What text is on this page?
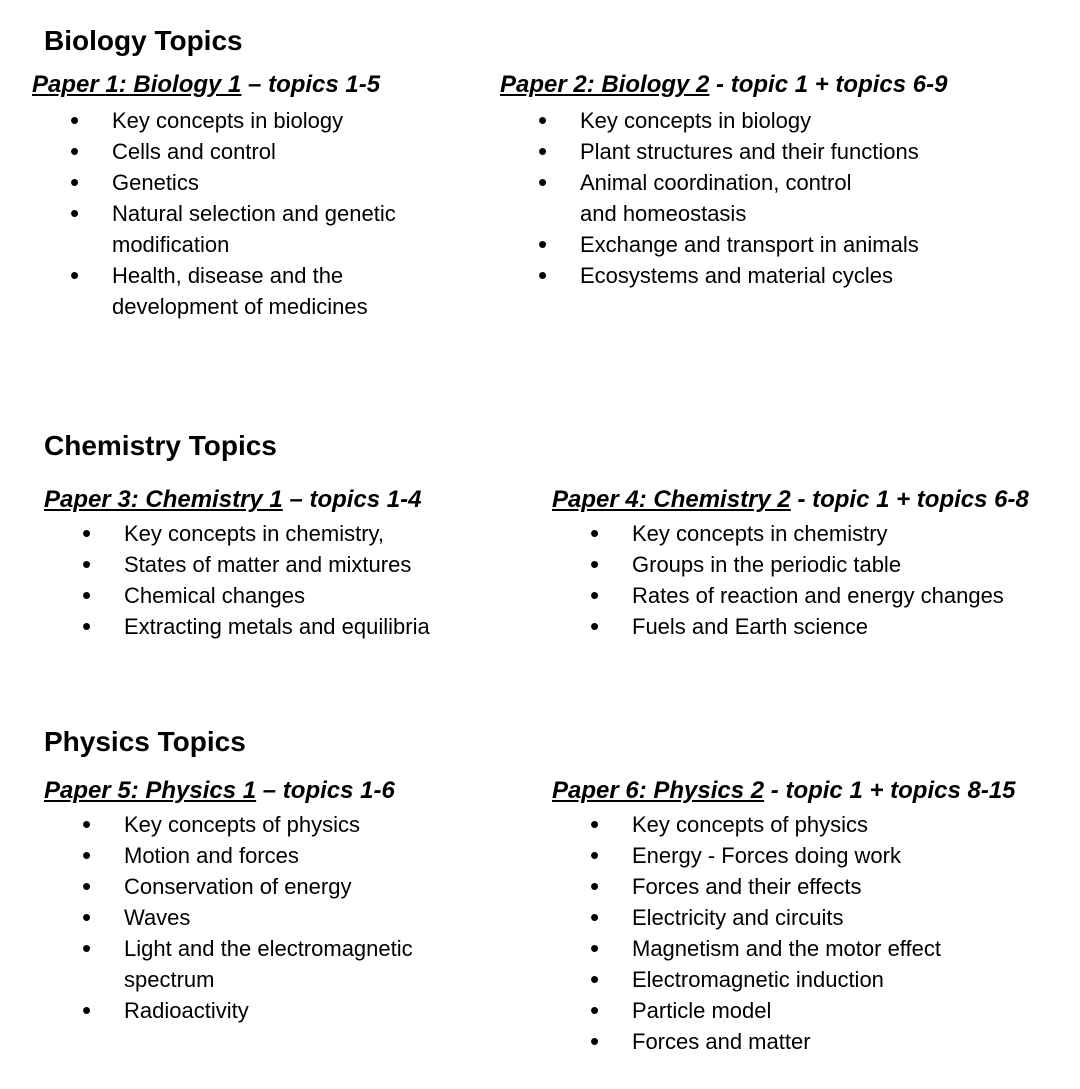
Biology Topics

Paper 1: Biology 1 – topics 1-5

• Key concepts in biology
• Cells and control
• Genetics
• Natural selection and genetic modification
• Health, disease and the development of medicines

Paper 2: Biology 2 - topic 1 + topics 6-9

• Key concepts in biology
• Plant structures and their functions
• Animal coordination, control and homeostasis
• Exchange and transport in animals
• Ecosystems and material cycles
Chemistry Topics

Paper 3: Chemistry 1 – topics 1-4

• Key concepts in chemistry,
• States of matter and mixtures
• Chemical changes
• Extracting metals and equilibria

Paper 4: Chemistry 2 - topic 1 + topics 6-8

• Key concepts in chemistry
• Groups in the periodic table
• Rates of reaction and energy changes
• Fuels and Earth science
Physics Topics

Paper 5: Physics 1 – topics 1-6

• Key concepts of physics
• Motion and forces
• Conservation of energy
• Waves
• Light and the electromagnetic spectrum
• Radioactivity

Paper 6: Physics 2 - topic 1 + topics 8-15

• Key concepts of physics
• Energy - Forces doing work
• Forces and their effects
• Electricity and circuits
• Magnetism and the motor effect
• Electromagnetic induction
• Particle model
• Forces and matter
